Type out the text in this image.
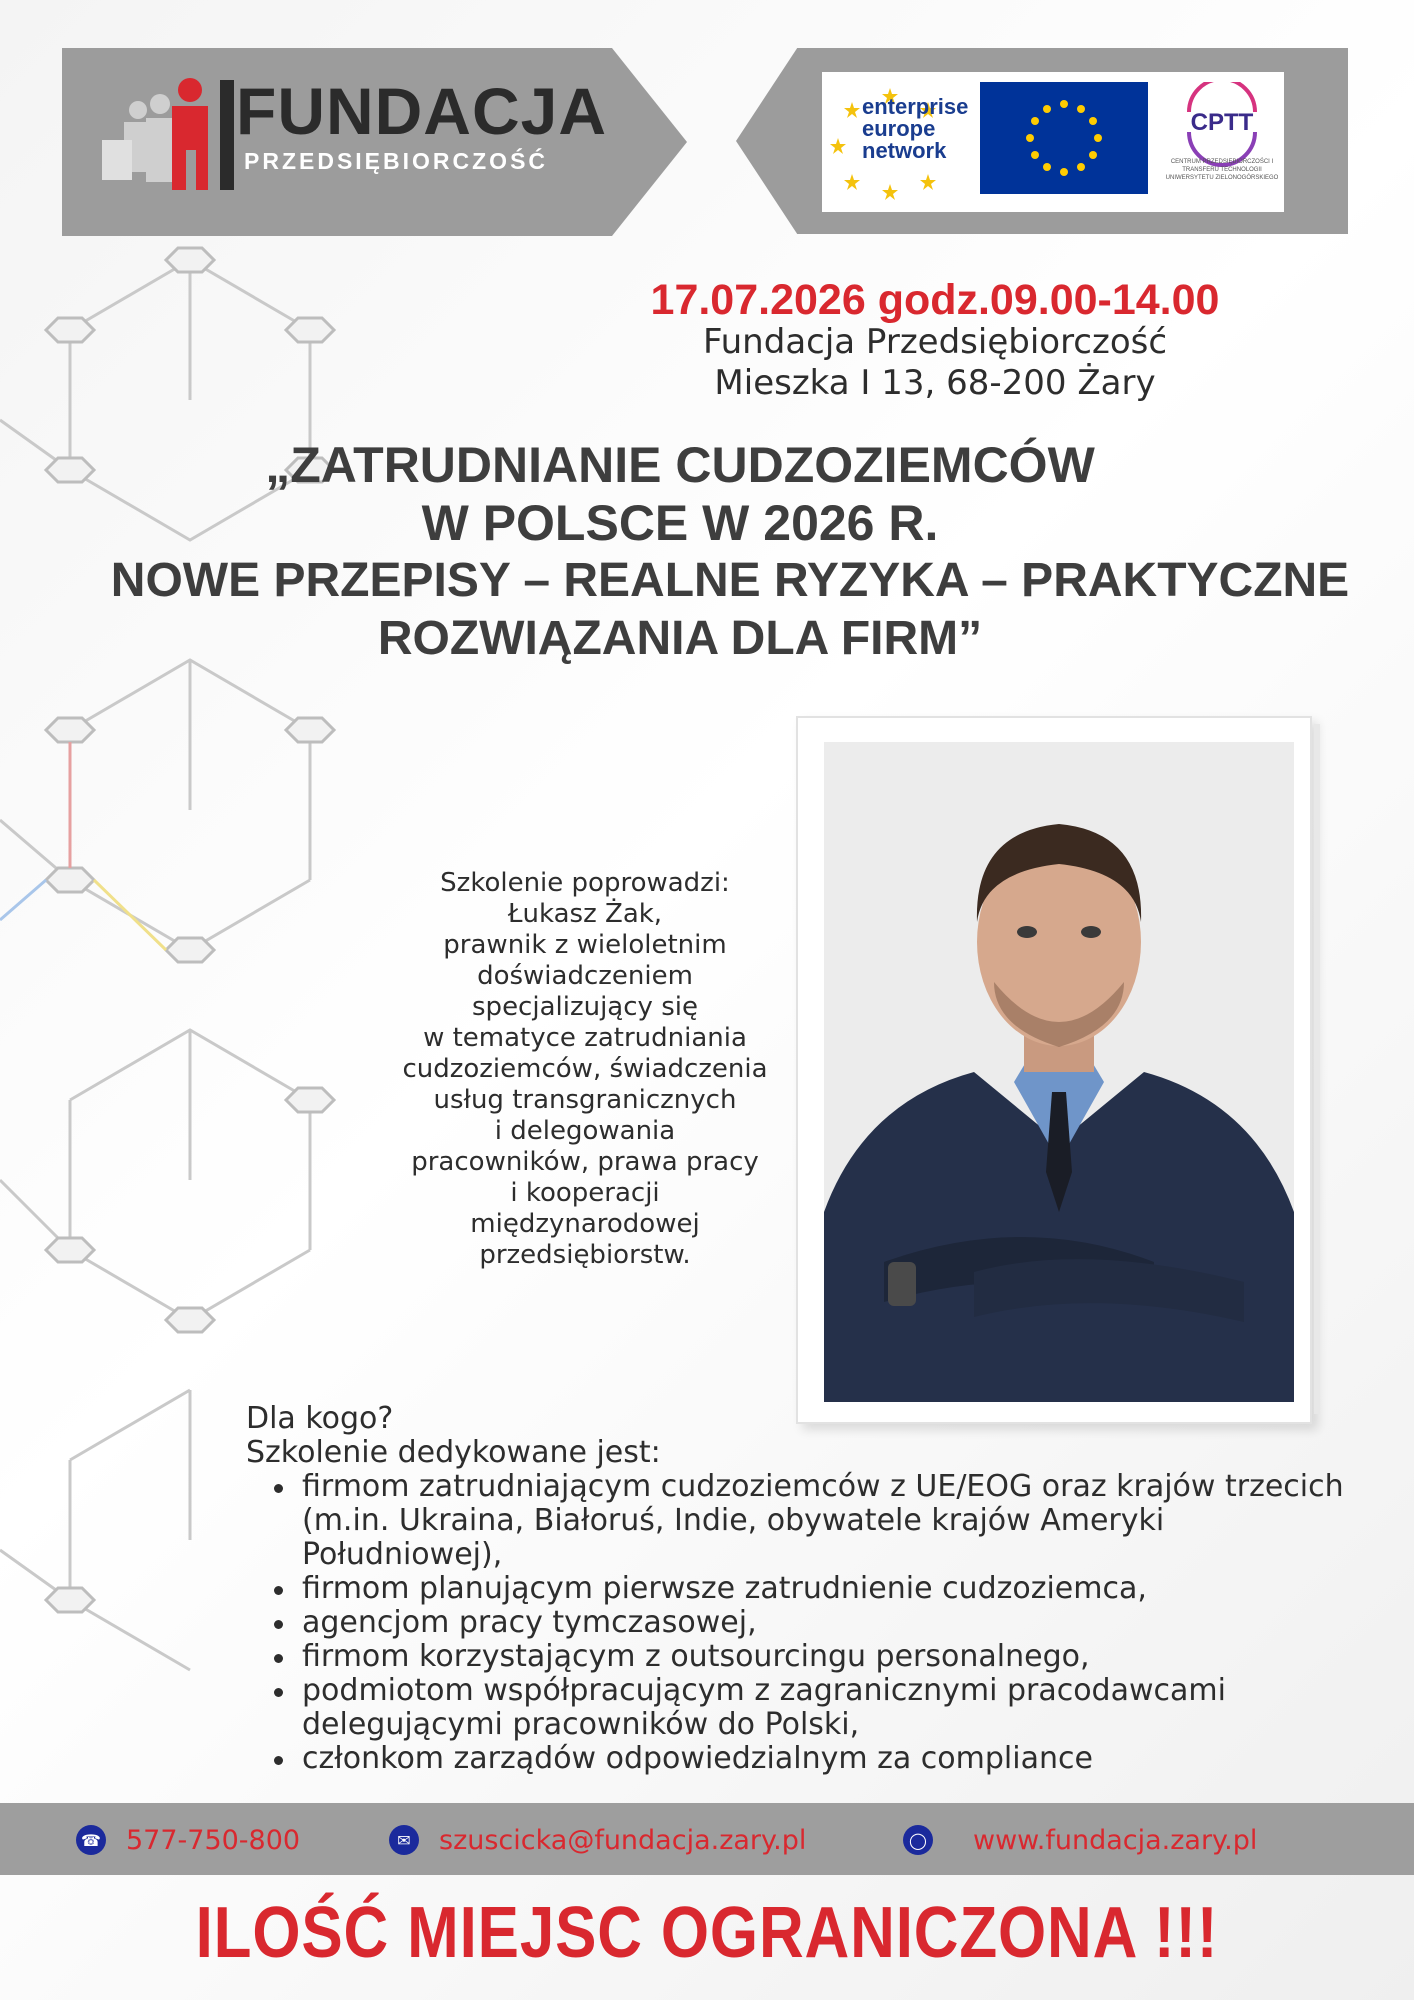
FUNDACJA
PRZEDSIĘBIORCZOŚĆ
enterprise
europe
network
CPTT
CENTRUM PRZEDSIĘBIORCZOŚCI I TRANSFERU TECHNOLOGII UNIWERSYTETU ZIELONOGÓRSKIEGO
17.07.2026 godz.09.00-14.00
Fundacja Przedsiębiorczość
Mieszka I 13, 68-200 Żary
„ZATRUDNIANIE CUDZOZIEMCÓW
W POLSCE W 2026 R.
NOWE PRZEPISY – REALNE RYZYKA – PRAKTYCZNE
ROZWIĄZANIA DLA FIRM”
Szkolenie poprowadzi:
Łukasz Żak,
prawnik z wieloletnim
doświadczeniem
specjalizujący się
w tematyce zatrudniania
cudzoziemców, świadczenia
usług transgranicznych
i delegowania
pracowników, prawa pracy
i kooperacji
międzynarodowej
przedsiębiorstw.
Dla kogo?
Szkolenie dedykowane jest:
firmom zatrudniającym cudzoziemców z UE/EOG oraz krajów trzecich (m.in. Ukraina, Białoruś, Indie, obywatele krajów Ameryki Południowej),
firmom planującym pierwsze zatrudnienie cudzoziemca,
agencjom pracy tymczasowej,
firmom korzystającym z outsourcingu personalnego,
podmiotom współpracującym z zagranicznymi pracodawcami delegującymi pracowników do Polski,
członkom zarządów odpowiedzialnym za compliance
☎ 577-750-800	✉	szuscicka@fundacja.zary.pl	◯ www.fundacja.zary.pl
ILOŚĆ MIEJSC OGRANICZONA !!!
